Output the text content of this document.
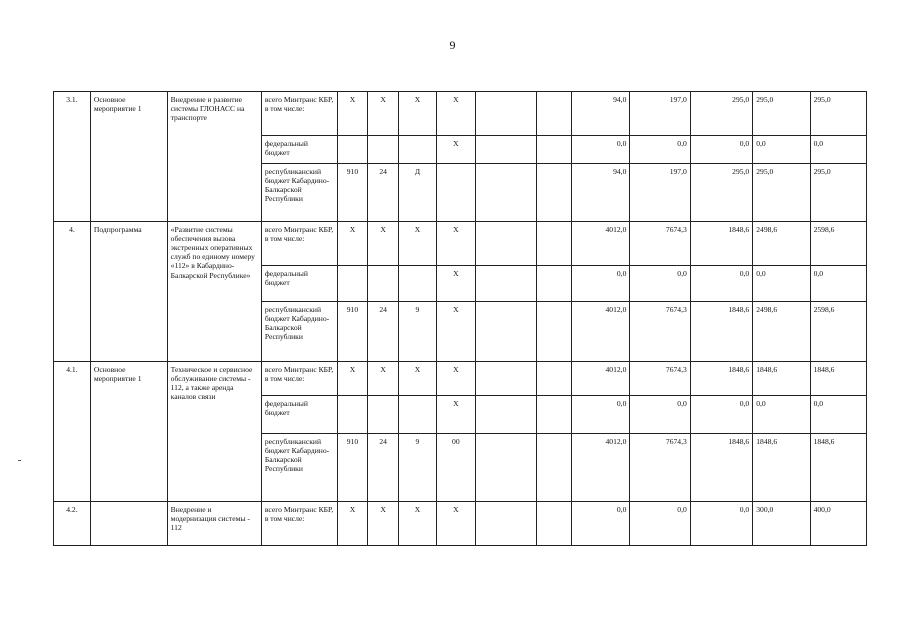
9
3.1.	Основное мероприятие 1	Внедрение и развитие системы ГЛОНАСС на транспорте	всего Минтранс КБР, в том числе:	X	X	X	X			94,0	197,0	295,0	295,0	295,0
			федеральный бюджет				X			0,0	0,0	0,0	0,0	0,0
			республиканский бюджет Кабардино-Балкарской Республики	910	24	Д				94,0	197,0	295,0	295,0	295,0
4.	Подпрограмма	«Развитие системы обеспечения вызова экстренных оперативных служб по единому номеру «112» в Кабардино-Балкарской Республике»	всего Минтранс КБР, в том числе:	X	X	X	X			4012,0	7674,3	1848,6	2498,6	2598,6
			федеральный бюджет				X			0,0	0,0	0,0	0,0	0,0
			республиканский бюджет Кабардино-Балкарской Республики	910	24	9	X			4012,0	7674,3	1848,6	2498,6	2598,6
4.1.	Основное мероприятие 1	Техническое и сервисное обслуживание системы - 112, а также аренда каналов связи	всего Минтранс КБР, в том числе:	X	X	X	X			4012,0	7674,3	1848,6	1848,6	1848,6
			федеральный бюджет				X			0,0	0,0	0,0	0,0	0,0
			республиканский бюджет Кабардино-Балкарской Республики	910	24	9	00			4012,0	7674,3	1848,6	1848,6	1848,6
4.2.		Внедрение и модернизация системы - 112	всего Минтранс КБР, в том числе:	X	X	X	X			0,0	0,0	0,0	300,0	400,0
